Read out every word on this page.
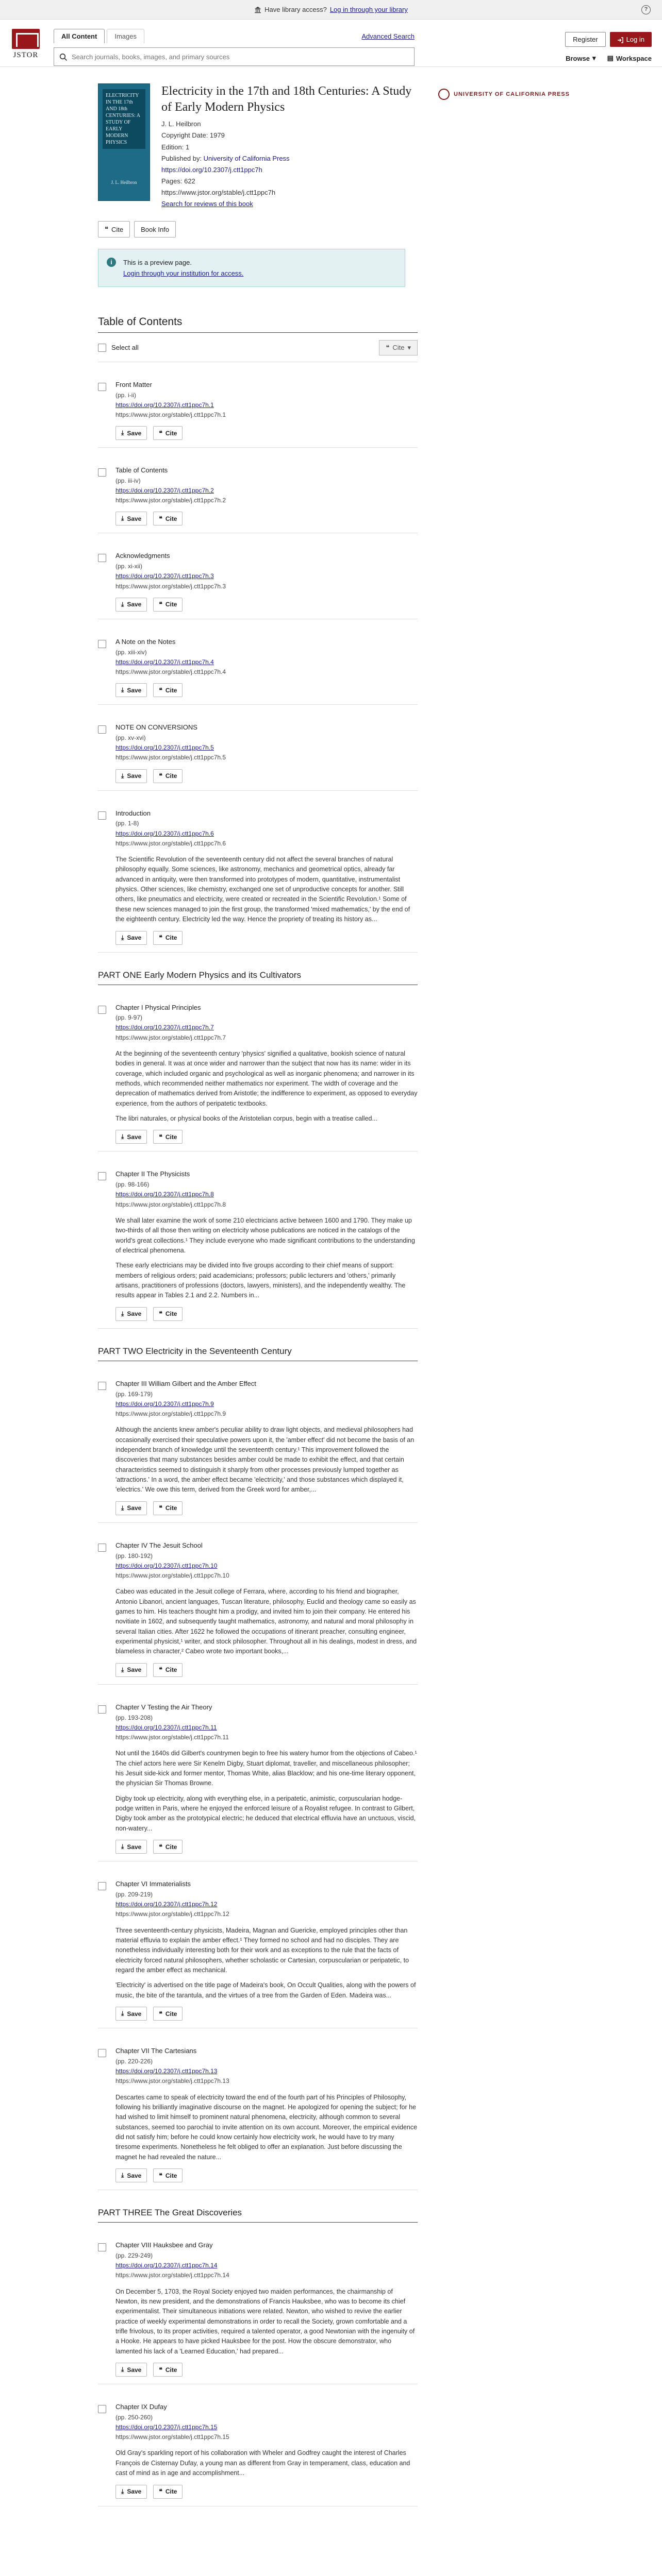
Have library access? Log in through your library	?
JSTOR
All Content	Images	Advanced Search
Search journals, books, images, and primary sources	Register	Log in
Browse ▾ ▤ Workspace
ELECTRICITY IN THE 17th AND 18th CENTURIES: A STUDY OF EARLY MODERN PHYSICS
J. L. Heilbron
Electricity in the 17th and 18th Centuries: A Study of Early Modern Physics
J. L. Heilbron
Copyright Date: 1979
Edition: 1
Published by: University of California Press
https://doi.org/10.2307/j.ctt1ppc7h
Pages: 622
https://www.jstor.org/stable/j.ctt1ppc7h
Search for reviews of this book
❝ Cite	Book Info
i	This is a preview page.
Login through your institution for access.
Table of Contents
Select all	❝ Cite ▾
Front Matter
(pp. i-ii)
https://doi.org/10.2307/j.ctt1ppc7h.1
https://www.jstor.org/stable/j.ctt1ppc7h.1
⤓ Save	❝ Cite
Table of Contents
(pp. iii-iv)
https://doi.org/10.2307/j.ctt1ppc7h.2
https://www.jstor.org/stable/j.ctt1ppc7h.2
⤓ Save	❝ Cite
Acknowledgments
(pp. xi-xii)
https://doi.org/10.2307/j.ctt1ppc7h.3
https://www.jstor.org/stable/j.ctt1ppc7h.3
⤓ Save	❝ Cite
A Note on the Notes
(pp. xiii-xiv)
https://doi.org/10.2307/j.ctt1ppc7h.4
https://www.jstor.org/stable/j.ctt1ppc7h.4
⤓ Save	❝ Cite
NOTE ON CONVERSIONS
(pp. xv-xvi)
https://doi.org/10.2307/j.ctt1ppc7h.5
https://www.jstor.org/stable/j.ctt1ppc7h.5
⤓ Save	❝ Cite
Introduction
(pp. 1-8)
https://doi.org/10.2307/j.ctt1ppc7h.6
https://www.jstor.org/stable/j.ctt1ppc7h.6

The Scientific Revolution of the seventeenth century did not affect the several branches of natural philosophy equally. Some sciences, like astronomy, mechanics and geometrical optics, already far advanced in antiquity, were then transformed into prototypes of modern, quantitative, instrumentalist physics. Other sciences, like chemistry, exchanged one set of unproductive concepts for another. Still others, like pneumatics and electricity, were created or recreated in the Scientific Revolution.¹ Some of these new sciences managed to join the first group, the transformed 'mixed mathematics,' by the end of the eighteenth century. Electricity led the way. Hence the propriety of treating its history as...

⤓ Save	❝ Cite
PART ONE Early Modern Physics and its Cultivators
Chapter I Physical Principles
(pp. 9-97)
https://doi.org/10.2307/j.ctt1ppc7h.7
https://www.jstor.org/stable/j.ctt1ppc7h.7

At the beginning of the seventeenth century 'physics' signified a qualitative, bookish science of natural bodies in general. It was at once wider and narrower than the subject that now has its name: wider in its coverage, which included organic and psychological as well as inorganic phenomena; and narrower in its methods, which recommended neither mathematics nor experiment. The width of coverage and the deprecation of mathematics derived from Aristotle; the indifference to experiment, as opposed to everyday experience, from the authors of peripatetic textbooks.

The libri naturales, or physical books of the Aristotelian corpus, begin with a treatise called...

⤓ Save	❝ Cite
Chapter II The Physicists
(pp. 98-166)
https://doi.org/10.2307/j.ctt1ppc7h.8
https://www.jstor.org/stable/j.ctt1ppc7h.8

We shall later examine the work of some 210 electricians active between 1600 and 1790. They make up two-thirds of all those then writing on electricity whose publications are noticed in the catalogs of the world's great collections.¹ They include everyone who made significant contributions to the understanding of electrical phenomena.

These early electricians may be divided into five groups according to their chief means of support: members of religious orders; paid academicians; professors; public lecturers and 'others,' primarily artisans, practitioners of professions (doctors, lawyers, ministers), and the independently wealthy. The results appear in Tables 2.1 and 2.2. Numbers in...

⤓ Save	❝ Cite
PART TWO Electricity in the Seventeenth Century
Chapter III William Gilbert and the Amber Effect
(pp. 169-179)
https://doi.org/10.2307/j.ctt1ppc7h.9
https://www.jstor.org/stable/j.ctt1ppc7h.9

Although the ancients knew amber's peculiar ability to draw light objects, and medieval philosophers had occasionally exercised their speculative powers upon it, the 'amber effect' did not become the basis of an independent branch of knowledge until the seventeenth century.¹ This improvement followed the discoveries that many substances besides amber could be made to exhibit the effect, and that certain characteristics seemed to distinguish it sharply from other processes previously lumped together as 'attractions.' In a word, the amber effect became 'electricity,' and those substances which displayed it, 'electrics.' We owe this term, derived from the Greek word for amber,...

⤓ Save	❝ Cite
Chapter IV The Jesuit School
(pp. 180-192)
https://doi.org/10.2307/j.ctt1ppc7h.10
https://www.jstor.org/stable/j.ctt1ppc7h.10

Cabeo was educated in the Jesuit college of Ferrara, where, according to his friend and biographer, Antonio Libanori, ancient languages, Tuscan literature, philosophy, Euclid and theology came so easily as games to him. His teachers thought him a prodigy, and invited him to join their company. He entered his novitiate in 1602, and subsequently taught mathematics, astronomy, and natural and moral philosophy in several Italian cities. After 1622 he followed the occupations of itinerant preacher, consulting engineer, experimental physicist,¹ writer, and stock philosopher. Throughout all in his dealings, modest in dress, and blameless in character,² Cabeo wrote two important books,...

⤓ Save	❝ Cite
Chapter V Testing the Air Theory
(pp. 193-208)
https://doi.org/10.2307/j.ctt1ppc7h.11
https://www.jstor.org/stable/j.ctt1ppc7h.11

Not until the 1640s did Gilbert's countrymen begin to free his watery humor from the objections of Cabeo.¹ The chief actors here were Sir Kenelm Digby, Stuart diplomat, traveller, and miscellaneous philosopher; his Jesuit side-kick and former mentor, Thomas White, alias Blacklow; and his one-time literary opponent, the physician Sir Thomas Browne.

Digby took up electricity, along with everything else, in a peripatetic, animistic, corpuscularian hodge-podge written in Paris, where he enjoyed the enforced leisure of a Royalist refugee. In contrast to Gilbert, Digby took amber as the prototypical electric; he deduced that electrical effluvia have an unctuous, viscid, non-watery...

⤓ Save	❝ Cite
Chapter VI Immaterialists
(pp. 209-219)
https://doi.org/10.2307/j.ctt1ppc7h.12
https://www.jstor.org/stable/j.ctt1ppc7h.12

Three seventeenth-century physicists, Madeira, Magnan and Guericke, employed principles other than material effluvia to explain the amber effect.¹ They formed no school and had no disciples. They are nonetheless individually interesting both for their work and as exceptions to the rule that the facts of electricity forced natural philosophers, whether scholastic or Cartesian, corpuscularian or peripatetic, to regard the amber effect as mechanical.

'Electricity' is advertised on the title page of Madeira's book, On Occult Qualities, along with the powers of music, the bite of the tarantula, and the virtues of a tree from the Garden of Eden. Madeira was...

⤓ Save	❝ Cite
Chapter VII The Cartesians
(pp. 220-226)
https://doi.org/10.2307/j.ctt1ppc7h.13
https://www.jstor.org/stable/j.ctt1ppc7h.13

Descartes came to speak of electricity toward the end of the fourth part of his Principles of Philosophy, following his brilliantly imaginative discourse on the magnet. He apologized for opening the subject; for he had wished to limit himself to prominent natural phenomena, electricity, although common to several substances, seemed too parochial to invite attention on its own account. Moreover, the empirical evidence did not satisfy him; before he could know certainly how electricity work, he would have to try many tiresome experiments. Nonetheless he felt obliged to offer an explanation. Just before discussing the magnet he had revealed the nature...

⤓ Save	❝ Cite
PART THREE The Great Discoveries
Chapter VIII Hauksbee and Gray
(pp. 229-249)
https://doi.org/10.2307/j.ctt1ppc7h.14
https://www.jstor.org/stable/j.ctt1ppc7h.14

On December 5, 1703, the Royal Society enjoyed two maiden performances, the chairmanship of Newton, its new president, and the demonstrations of Francis Hauksbee, who was to become its chief experimentalist. Their simultaneous initiations were related. Newton, who wished to revive the earlier practice of weekly experimental demonstrations in order to recall the Society, grown comfortable and a trifle frivolous, to its proper activities, required a talented operator, a good Newtonian with the ingenuity of a Hooke. He appears to have picked Hauksbee for the post. How the obscure demonstrator, who lamented his lack of a 'Learned Education,' had prepared...

⤓ Save	❝ Cite
Chapter IX Dufay
(pp. 250-260)
https://doi.org/10.2307/j.ctt1ppc7h.15
https://www.jstor.org/stable/j.ctt1ppc7h.15

Old Gray's sparkling report of his collaboration with Wheler and Godfrey caught the interest of Charles François de Cisternay Dufay, a young man as different from Gray in temperament, class, education and cast of mind as in age and accomplishment...

⤓ Save	❝ Cite
UNIVERSITY OF CALIFORNIA PRESS
